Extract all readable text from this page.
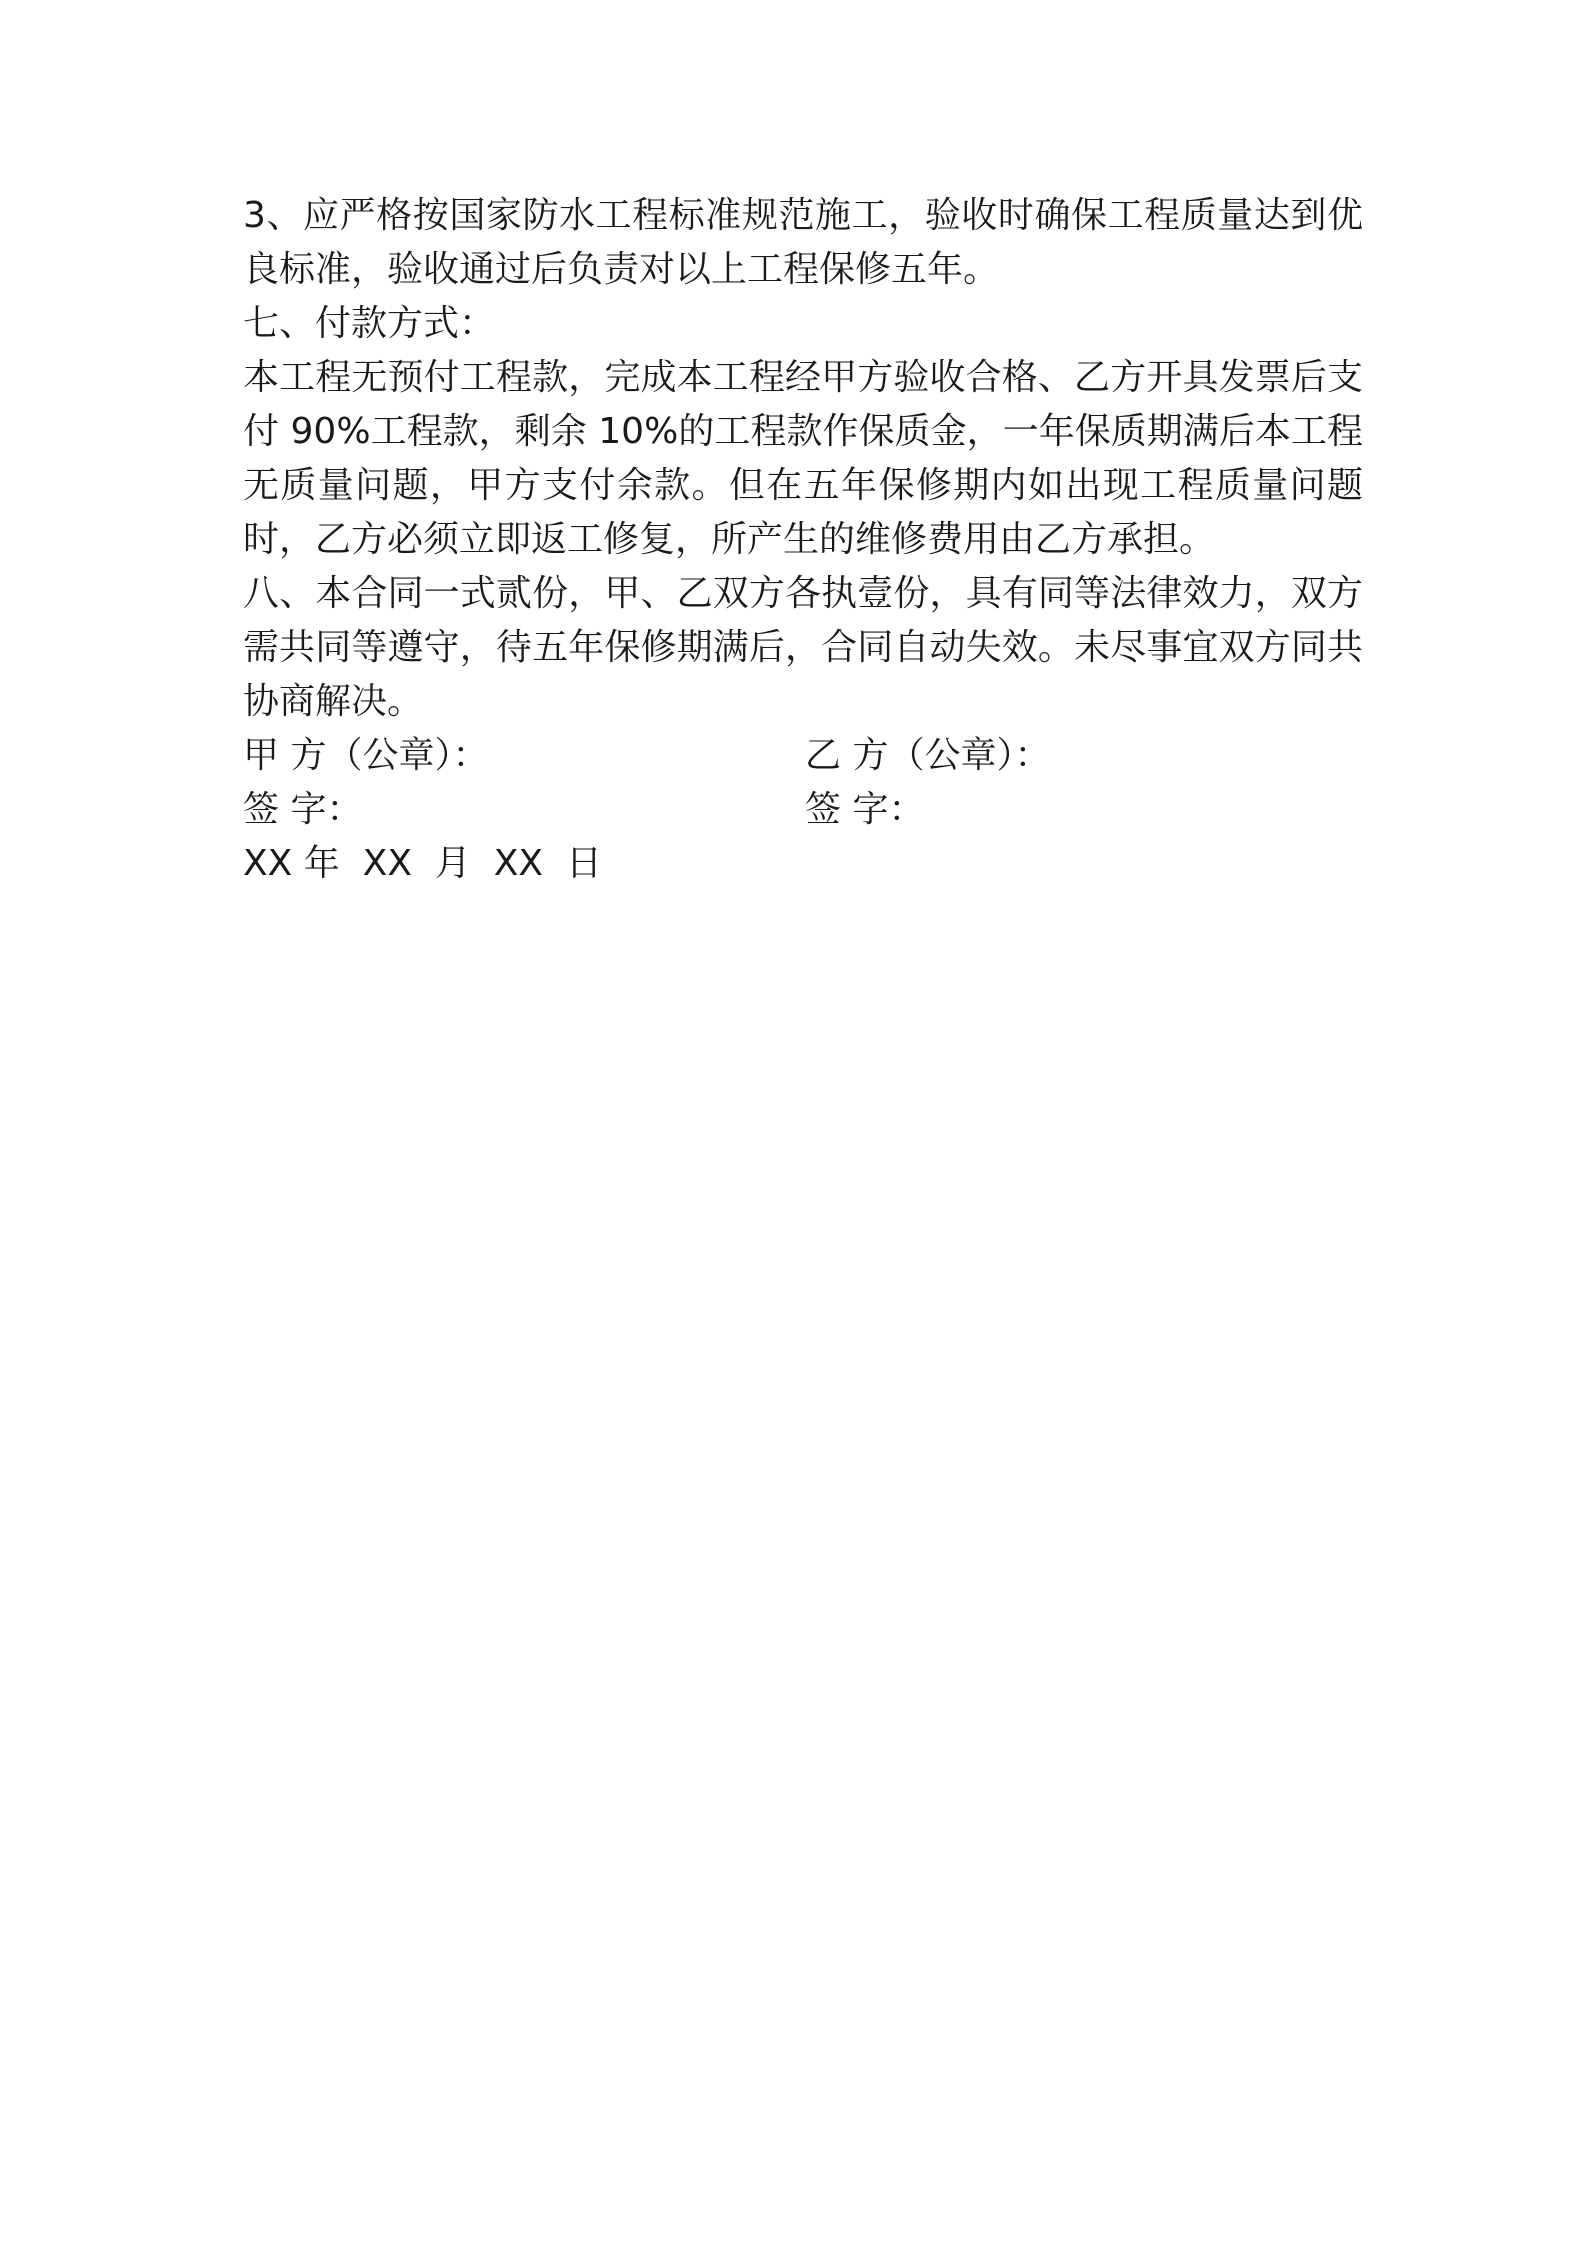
3、应严格按国家防水工程标准规范施工，验收时确保工程质量达到优良标准，验收通过后负责对以上工程保修五年。

七、付款方式：

本工程无预付工程款，完成本工程经甲方验收合格、乙方开具发票后支付 90%工程款，剩余 10%的工程款作保质金，一年保质期满后本工程无质量问题，甲方支付余款。但在五年保修期内如出现工程质量问题时，乙方必须立即返工修复，所产生的维修费用由乙方承担。

八、本合同一式贰份，甲、乙双方各执壹份，具有同等法律效力，双方需共同等遵守，待五年保修期满后，合同自动失效。未尽事宜双方同共协商解决。

甲 方（公章）：	乙 方（公章）：
签 字：	签 字：
XX 年  XX  月  XX  日
